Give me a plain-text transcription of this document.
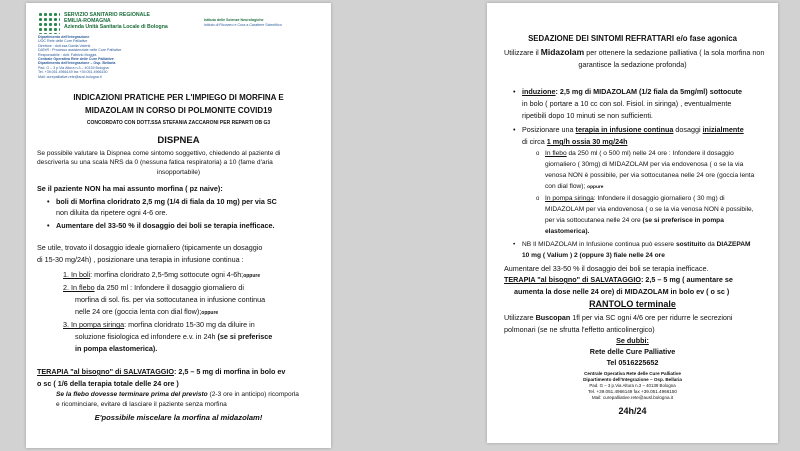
SERVIZIO SANITARIO REGIONALE
EMILIA-ROMAGNA
Azienda Unità Sanitaria Locale di Bologna
Istituto delle Scienze Neurologiche
Istituto di Ricovero e Cura a Carattere Scientifico
Dipartimento dell'Integrazione
UOC Rete delle Cure Palliative
Direttore : dott.ssa Danila Valenti
DATeR : Processo assistenziale nelle Cure Palliative
Responsabile : dott. Fabrizio Moggia
Centrale Operativa Rete delle Cure Palliative
Dipartimento dell'Integrazione – Osp. Bellaria
Pad. G – 3 p.Via Altura n.3 – 40139 Bologna
Tel. +39.051.4966149 fax +39.051.4966150
Mail: curepalliative.rete@ausl.bologna.it
INDICAZIONI PRATICHE PER L'IMPIEGO DI MORFINA E
MIDAZOLAM IN CORSO DI POLMONITE COVID19
CONCORDATO CON DOTT.SSA STEFANIA ZACCARONI PER REPARTI OB G3
DISPNEA
Se possibile valutare la Dispnea come sintomo soggettivo, chiedendo al paziente di
descriverla su una scala NRS da 0 (nessuna fatica respiratoria) a 10 (fame d'aria
insopportabile)
Se il paziente NON ha mai assunto morfina ( pz naive):
• boli di Morfina cloridrato 2,5 mg (1/4 di fiala da 10 mg) per via SC
non diluita da ripetere ogni 4-6 ore.
• Aumentare del 33-50 % il dosaggio dei boli se terapia inefficace.
Se utile, trovato il dosaggio ideale giornaliero (tipicamente un dosaggio
di 15-30 mg/24h) , posizionare una terapia in infusione continua :
1. In boli: morfina cloridrato 2,5-5mg sottocute ogni 4-6h;oppure
2. In flebo da 250 ml : Infondere il dosaggio giornaliero di
morfina di sol. fis. per via sottocutanea in infusione continua
nelle 24 ore (goccia lenta con dial flow);oppure
3. In pompa siringa: morfina cloridrato 15-30 mg da diluire in
soluzione fisiologica ed infondere e.v. in 24h (se si preferisce
in pompa elastomerica).
TERAPIA "al bisogno" di SALVATAGGIO: 2,5 – 5 mg di morfina in bolo ev
o sc ( 1/6 della terapia totale delle 24 ore )
Se la flebo dovesse terminare prima del previsto (2-3 ore in anticipo) ricomporla
e ricominciare, evitare di lasciare il paziente senza morfina
E'possibile miscelare la morfina al midazolam!
SEDAZIONE DEI SINTOMI REFRATTARI e/o fase agonica
Utilizzare il Midazolam per ottenere la sedazione palliativa ( la sola morfina non
garantisce la sedazione profonda)
• induzione: 2,5 mg di MIDAZOLAM (1/2 fiala da 5mg/ml) sottocute
in bolo ( portare a 10 cc con sol. Fisiol. in siringa) , eventualmente
ripetibili dopo 10 minuti se non sufficienti.
• Posizionare una terapia in infusione continua dosaggi inizialmente
di circa 1 mg/h ossia 30 mg/24h
o In flebo da 250 ml ( o 500 ml) nelle 24 ore : Infondere il dosaggio
giornaliero ( 30mg) di MIDAZOLAM per via endovenosa ( o se la via
venosa NON è possibile, per via sottocutanea nelle 24 ore (goccia lenta
con dial flow); oppure
o In pompa siringa: Infondere il dosaggio giornaliero ( 30 mg) di
MIDAZOLAM per via endovenosa ( o se la via venosa NON è possibile,
per via sottocutanea nelle 24 ore (se si preferisce in pompa
elastomerica).
• NB Il MIDAZOLAM in Infusione continua può essere sostituito da DIAZEPAM
10 mg ( Valium ) 2 (oppure 3) fiale nelle 24 ore
Aumentare del 33-50 % il dosaggio dei boli se terapia inefficace.
TERAPIA "al bisogno" di SALVATAGGIO: 2,5 – 5 mg ( aumentare se
aumenta la dose nelle 24 ore) di MIDAZOLAM in bolo ev ( o sc )
RANTOLO terminale
Utilizzare Buscopan 1fl per via SC ogni 4/6 ore per ridurre le secrezioni
polmonari (se ne sfrutta l'effetto anticolinergico)
Se dubbi:
Rete delle Cure Palliative
Tel 0516225652
Centrale Operativa Rete delle Cure Palliative
Dipartimento dell'Integrazione – Osp. Bellaria
Pad. G – 3 p.Via Altura n.3 – 40139 Bologna
Tel. +39.051.4966149 fax +39.051.4966150
Mail: curepalliative.rete@ausl.bologna.it
24h/24
